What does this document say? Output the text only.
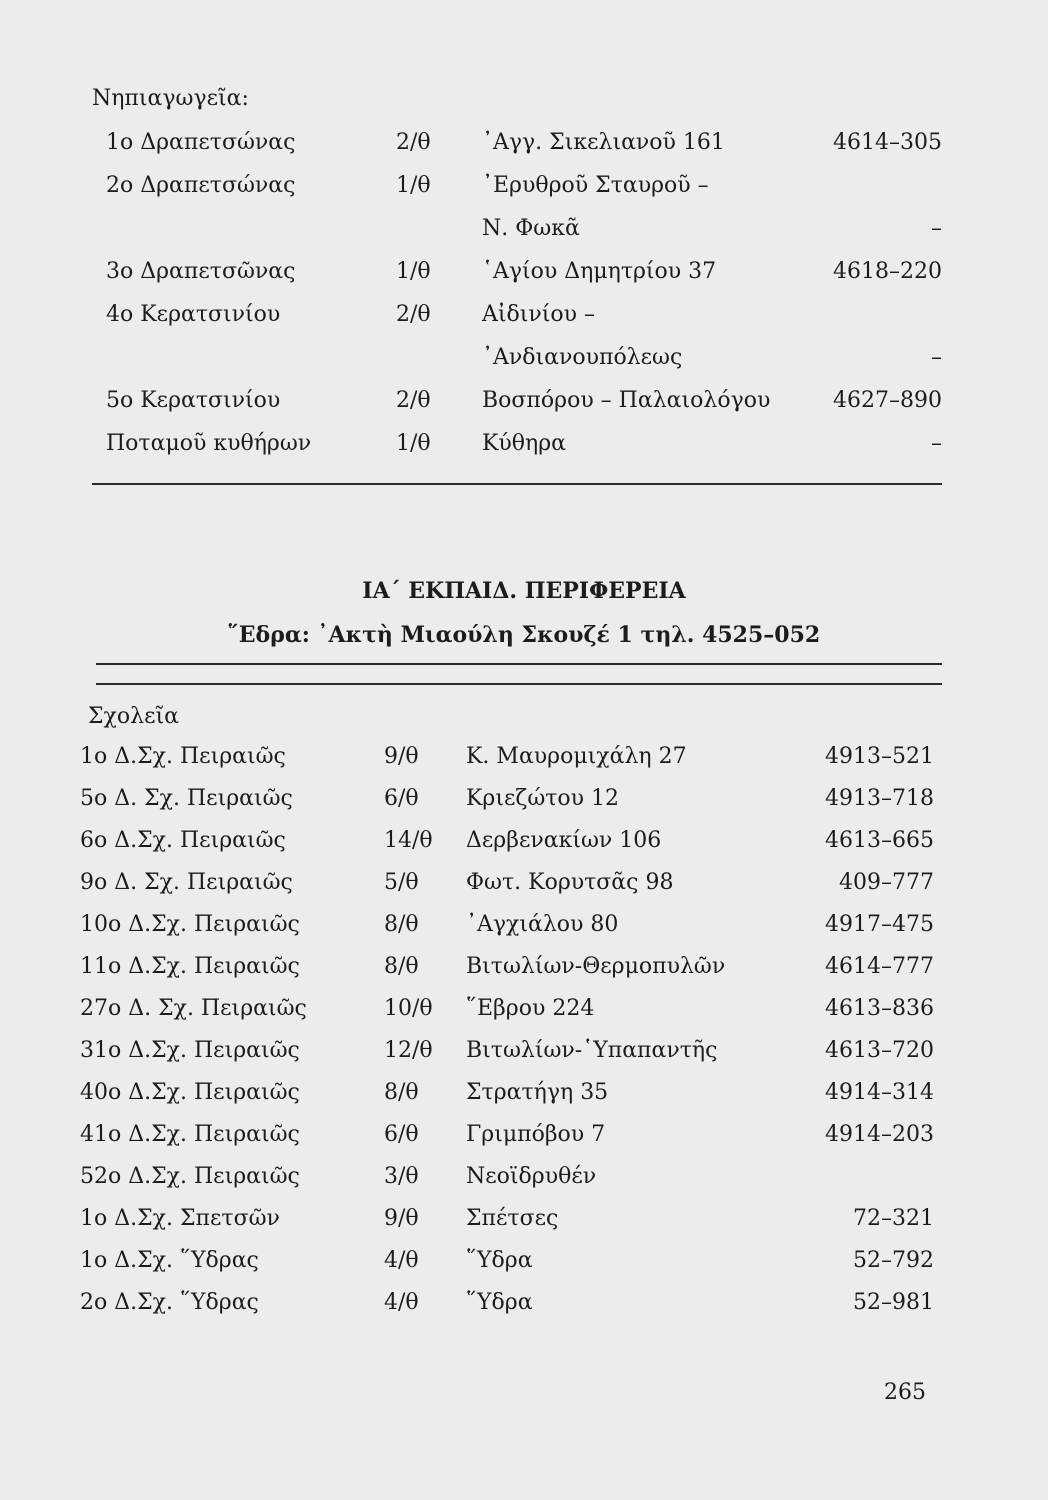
Νηπιαγωγεῖα:
1ο Δραπετσώνας	2/θ ᾿Αγγ. Σικελιανοῦ 161	4614–305
2ο Δραπετσώνας	1/θ ᾿Ερυθροῦ Σταυροῦ –
Ν. Φωκᾶ	–
3ο Δραπετσῶνας	1/θ ῾Αγίου Δημητρίου 37	4618–220
4ο Κερατσινίου	2/θ Αἰδινίου –
᾿Ανδιανουπόλεως	–
5ο Κερατσινίου	2/θ Βοσπόρου – Παλαιολόγου	4627–890
Ποταμοῦ κυθήρων	1/θ Κύθηρα	–
ΙΑ΄ ΕΚΠΑΙΔ. ΠΕΡΙΦΕΡΕΙΑ
῞Εδρα: ᾿Ακτὴ Μιαούλη Σκουζέ 1 τηλ. 4525–052
Σχολεῖα
1ο Δ.Σχ. Πειραιῶς	9/θ Κ. Μαυρομιχάλη 27	4913–521
5ο Δ. Σχ. Πειραιῶς	6/θ Κριεζώτου 12	4913–718
6ο Δ.Σχ. Πειραιῶς	14/θ Δερβενακίων 106	4613–665
9ο Δ. Σχ. Πειραιῶς	5/θ Φωτ. Κορυτσᾶς 98	409–777
10ο Δ.Σχ. Πειραιῶς	8/θ ᾿Αγχιάλου 80	4917–475
11ο Δ.Σχ. Πειραιῶς	8/θ Βιτωλίων-Θερμοπυλῶν	4614–777
27ο Δ. Σχ. Πειραιῶς	10/θ ῞Εβρου 224	4613–836
31ο Δ.Σχ. Πειραιῶς	12/θ Βιτωλίων-῾Υπαπαντῆς	4613–720
40ο Δ.Σχ. Πειραιῶς	8/θ Στρατήγη 35	4914–314
41ο Δ.Σχ. Πειραιῶς	6/θ Γριμπόβου 7	4914–203
52ο Δ.Σχ. Πειραιῶς	3/θ Νεοϊδρυθέν
1ο Δ.Σχ. Σπετσῶν	9/θ Σπέτσες	72–321
1ο Δ.Σχ. ῞Υδρας	4/θ ῞Υδρα	52–792
2ο Δ.Σχ. ῞Υδρας	4/θ ῞Υδρα	52–981
265
